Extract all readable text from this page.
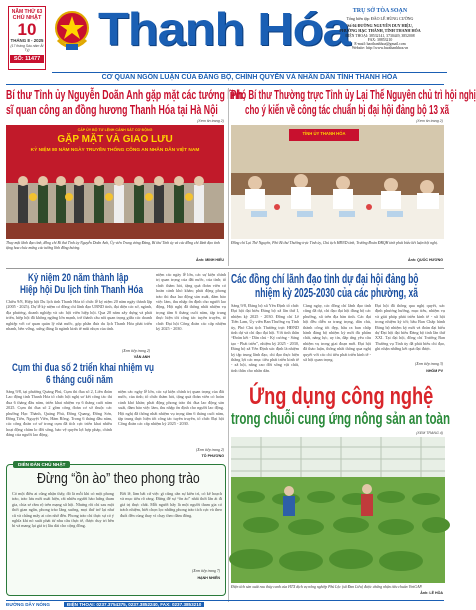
NĂM THỨ 63
CHỦ NHẬT
10
THÁNG 8 - 2025
(17 tháng Sáu năm Ất Tỵ)
SỐ: 11477
Thanh Hóa TRỤ SỞ TÒA SOẠN
Tổng biên tập: ĐÀO LÊ HÙNG CƯỜNG
Số 04 ĐƯỜNG NGUYỄN DUY HIỆU,
PHƯỜNG HẠC THÀNH, TỈNH THANH HÓA
ĐIỆN THOẠI: 38532141, 3730449, 3852008
FAX: 38853210
E-mail: baothanhhoa@gmail.com
Website: http://www.baothanhhoa.vn
CƠ QUAN NGÔN LUẬN CỦA ĐẢNG BỘ, CHÍNH QUYỀN VÀ NHÂN DÂN TỈNH THANH HÓA
Bí thư Tỉnh ủy Nguyễn Doãn Anh gặp mặt các tướng lĩnh,
sĩ quan công an đồng hương Thanh Hóa tại Hà Nội
(Xem tin trang 2)
CẤP ỦY BỘ TƯ LỆNH CẢNH SÁT CƠ ĐỘNG
GẶP MẶT VÀ GIAO LƯU
KỶ NIỆM 80 NĂM NGÀY TRUYỀN THỐNG CÔNG AN NHÂN DÂN VIỆT NAM
Thay mặt lãnh đạo tỉnh, đồng chí Bí thư Tỉnh ủy Nguyễn Doãn Anh, Ủy viên Trung ương Đảng, Bí thư Tỉnh ủy và các đồng chí lãnh đạo tỉnh tặng hoa chúc mừng các tướng lĩnh đồng hương.
Ảnh: MINH HIẾU
Phó Bí thư Thường trực Tỉnh ủy Lại Thế Nguyên chủ trì hội nghị
cho ý kiến về công tác chuẩn bị đại hội đảng bộ 13 xã
(Xem tin trang 2)
TỈNH ỦY THANH HÓA
Đồng chí Lại Thế Nguyên, Phó Bí thư Thường trực Tỉnh ủy, Chủ tịch HĐND tỉnh, Trưởng Đoàn ĐBQH tỉnh phát biểu kết luận hội nghị.
Ảnh: QUỐC HƯƠNG
Kỷ niệm 20 năm thành lập
Hiệp hội Du lịch tỉnh Thanh Hóa
Chiều 9/8, Hiệp hội Du lịch tỉnh Thanh Hóa tổ chức lễ kỷ niệm 20 năm ngày thành lập (2005 - 2025). Dự lễ kỷ niệm có đồng chí lãnh đạo UBND tỉnh, đại diện các sở, ngành, địa phương, doanh nghiệp và các hội viên hiệp hội. Qua 20 năm xây dựng và phát triển, hiệp hội đã không ngừng lớn mạnh, trở thành cầu nối quan trọng giữa các doanh nghiệp với cơ quan quản lý nhà nước, góp phần đưa du lịch Thanh Hóa phát triển nhanh, bền vững, xứng đáng là ngành kinh tế mũi nhọn của tỉnh.
(Xem tiếp trang 2)
VĂN ANH
Cụm thi đua số 2 triển khai nhiệm vụ
6 tháng cuối năm
Sáng 9/8, tại phường Quảng Phú, Cụm thi đua số 2, Liên đoàn Lao động tỉnh Thanh Hóa tổ chức hội nghị sơ kết công tác thi đua 6 tháng đầu năm, triển khai nhiệm vụ 6 tháng cuối năm 2025. Cụm thi đua số 2 gồm công đoàn cơ sở thuộc các phường Hạc Thành, Quảng Phú, Đông Quang, Đông Sơn, Đông Tiến, Nguyệt Viên, Hàm Rồng. Trong 6 tháng đầu năm, các công đoàn cơ sở trong cụm đã tích cực triển khai nhiều hoạt động chăm lo đời sống, bảo vệ quyền lợi hợp pháp, chính đáng của người lao động.
niệm các ngày lễ lớn, các sự kiện chính trị quan trọng của đất nước, của tỉnh; tổ chức thăm hỏi, tặng quà đoàn viên có hoàn cảnh khó khăn; phát động phong trào thi đua lao động sản xuất, đảm bảo việc làm, thu nhập ổn định cho người lao động. Hội nghị đã thống nhất nhiệm vụ trọng tâm 6 tháng cuối năm, tập trung thực hiện tốt công tác tuyên truyền, tổ chức Đại hội Công đoàn các cấp nhiệm kỳ 2025 - 2030.
(Xem tiếp trang 2)
TÔ PHƯƠNG
niệm các ngày lễ lớn, các sự kiện chính trị quan trọng của đất nước, của tỉnh; tổ chức thăm hỏi, tặng quà đoàn viên có hoàn cảnh khó khăn; phát động phong trào thi đua lao động sản xuất, đảm bảo việc làm, thu nhập ổn định cho người lao động. Hội nghị đã thống nhất nhiệm vụ trọng tâm 6 tháng cuối năm, tập trung thực hiện tốt công tác tuyên truyền, tổ chức Đại hội Công đoàn các cấp nhiệm kỳ 2025 - 2030.
DIỄN ĐÀN CHỦ NHẬT
Đừng “ồn ào” theo phong trào
Có một điều ai cũng nhận thấy, đó là mỗi khi có một phong trào, trào lưu mới xuất hiện, rất nhiều người hào hứng tham gia, chia sẻ rầm rộ trên mạng xã hội. Nhưng rồi chỉ sau một thời gian ngắn, phong trào lắng xuống, mọi thứ trở lại như cũ và chẳng mấy ai còn nhớ đến. Phong trào chỉ thực sự có ý nghĩa khi nó xuất phát từ nhu cầu thực tế, được duy trì bền bỉ và mang lại giá trị lâu dài cho cộng đồng.
Bởi lẽ, làm bất cứ việc gì cũng cần sự kiên trì, có kế hoạch và mục tiêu rõ ràng. Đừng để sự “ồn ào” nhất thời lấn át đi giá trị thực chất. Mỗi người hãy là một người tham gia có trách nhiệm, biết chọn lọc những phong trào tích cực và theo đuổi đến cùng thay vì chạy theo đám đông.
(Xem tiếp trang 7)
HẠNH NHIÊN
Các đồng chí lãnh đạo tỉnh dự đại hội đảng bộ
nhiệm kỳ 2025-2030 của các phường, xã
Sáng 9/8, Đảng bộ xã Yên Định tổ chức Đại hội đại biểu Đảng bộ xã lần thứ I, nhiệm kỳ 2025 - 2030. Đồng chí Lê Tiến Lam, Ủy viên Ban Thường vụ Tỉnh ủy, Phó Chủ tịch Thường trực HĐND tỉnh dự và chỉ đạo đại hội. Với tinh thần “Đoàn kết - Dân chủ - Kỷ cương - Sáng tạo - Phát triển”, nhiệm kỳ 2025 - 2030, Đảng bộ xã Yên Định xác định là nhiệm kỳ tập trung lãnh đạo, chỉ đạo thực hiện thắng lợi các mục tiêu phát triển kinh tế - xã hội, nâng cao đời sống vật chất, tinh thần cho nhân dân.
Cùng ngày, các đồng chí lãnh đạo tỉnh cũng đã dự, chỉ đạo đại hội đảng bộ các phường, xã trên địa bàn tỉnh. Các đại hội đều diễn ra trang trọng, dân chủ, thành công tốt đẹp, bầu ra ban chấp hành đảng bộ nhiệm kỳ mới đủ phẩm chất, năng lực, uy tín, đáp ứng yêu cầu nhiệm vụ trong giai đoạn mới. Đại hội đã thảo luận, thống nhất thông qua nghị quyết với các chỉ tiêu phát triển kinh tế - xã hội quan trọng.
Đại hội đã thông qua nghị quyết, xác định phương hướng, mục tiêu, nhiệm vụ và giải pháp phát triển kinh tế - xã hội trong nhiệm kỳ tới; bầu Ban Chấp hành Đảng bộ nhiệm kỳ mới và đoàn đại biểu dự Đại hội đại biểu Đảng bộ tỉnh lần thứ XXI. Tại đại hội, đồng chí Trưởng Ban Thường vụ Tỉnh ủy đã phát biểu chỉ đạo, ghi nhận những kết quả đạt được.
(Xem tiếp trang 3)
NHÓM PV
Ứng dụng công nghệ
trong chuỗi cung ứng nông sản an toàn
(XEM TRANG 4)
Điện tích sản xuất rau thủy canh của HTX dịch vụ nông nghiệp Phú Lộc (xã Đan Liêu) được chứng nhận tiêu chuẩn VietGAP.
Ảnh: LÊ HÒA
ĐƯỜNG DÂY NÓNG	ĐIỆN THOẠI: 0237.3754375, 0237.3852240, FAX: 0237.3853210
